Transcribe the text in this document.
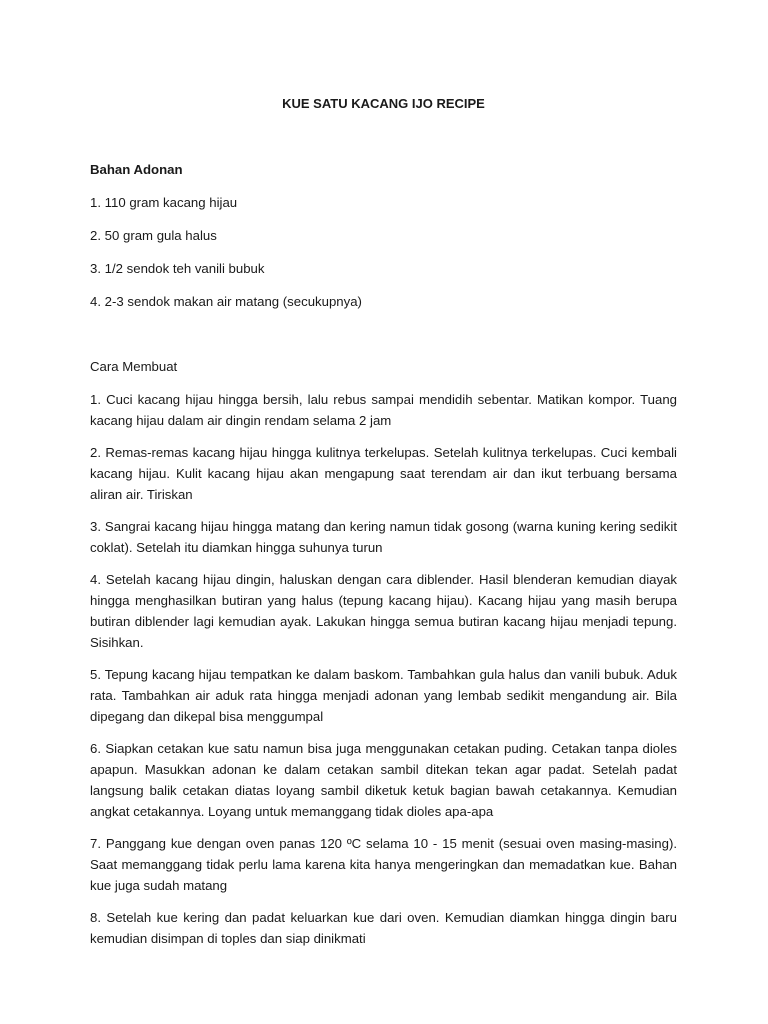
KUE SATU KACANG IJO RECIPE

Bahan Adonan

1. 110 gram kacang hijau
2. 50 gram gula halus
3. 1/2 sendok teh vanili bubuk
4. 2-3 sendok makan air matang (secukupnya)

Cara Membuat

1. Cuci kacang hijau hingga bersih, lalu rebus sampai mendidih sebentar. Matikan kompor. Tuang kacang hijau dalam air dingin rendam selama 2 jam
2. Remas-remas kacang hijau hingga kulitnya terkelupas. Setelah kulitnya terkelupas. Cuci kembali kacang hijau. Kulit kacang hijau akan mengapung saat terendam air dan ikut terbuang bersama aliran air. Tiriskan
3. Sangrai kacang hijau hingga matang dan kering namun tidak gosong (warna kuning kering sedikit coklat). Setelah itu diamkan hingga suhunya turun
4. Setelah kacang hijau dingin, haluskan dengan cara diblender. Hasil blenderan kemudian diayak hingga menghasilkan butiran yang halus (tepung kacang hijau). Kacang hijau yang masih berupa butiran diblender lagi kemudian ayak. Lakukan hingga semua butiran kacang hijau menjadi tepung. Sisihkan.
5. Tepung kacang hijau tempatkan ke dalam baskom. Tambahkan gula halus dan vanili bubuk. Aduk rata. Tambahkan air aduk rata hingga menjadi adonan yang lembab sedikit mengandung air. Bila dipegang dan dikepal bisa menggumpal
6. Siapkan cetakan kue satu namun bisa juga menggunakan cetakan puding. Cetakan tanpa dioles apapun. Masukkan adonan ke dalam cetakan sambil ditekan tekan agar padat. Setelah padat langsung balik cetakan diatas loyang sambil diketuk ketuk bagian bawah cetakannya. Kemudian angkat cetakannya. Loyang untuk memanggang tidak dioles apa-apa
7. Panggang kue dengan oven panas 120 ºC selama 10 - 15 menit (sesuai oven masing-masing). Saat memanggang tidak perlu lama karena kita hanya mengeringkan dan memadatkan kue. Bahan kue juga sudah matang
8. Setelah kue kering dan padat keluarkan kue dari oven. Kemudian diamkan hingga dingin baru kemudian disimpan di toples dan siap dinikmati
